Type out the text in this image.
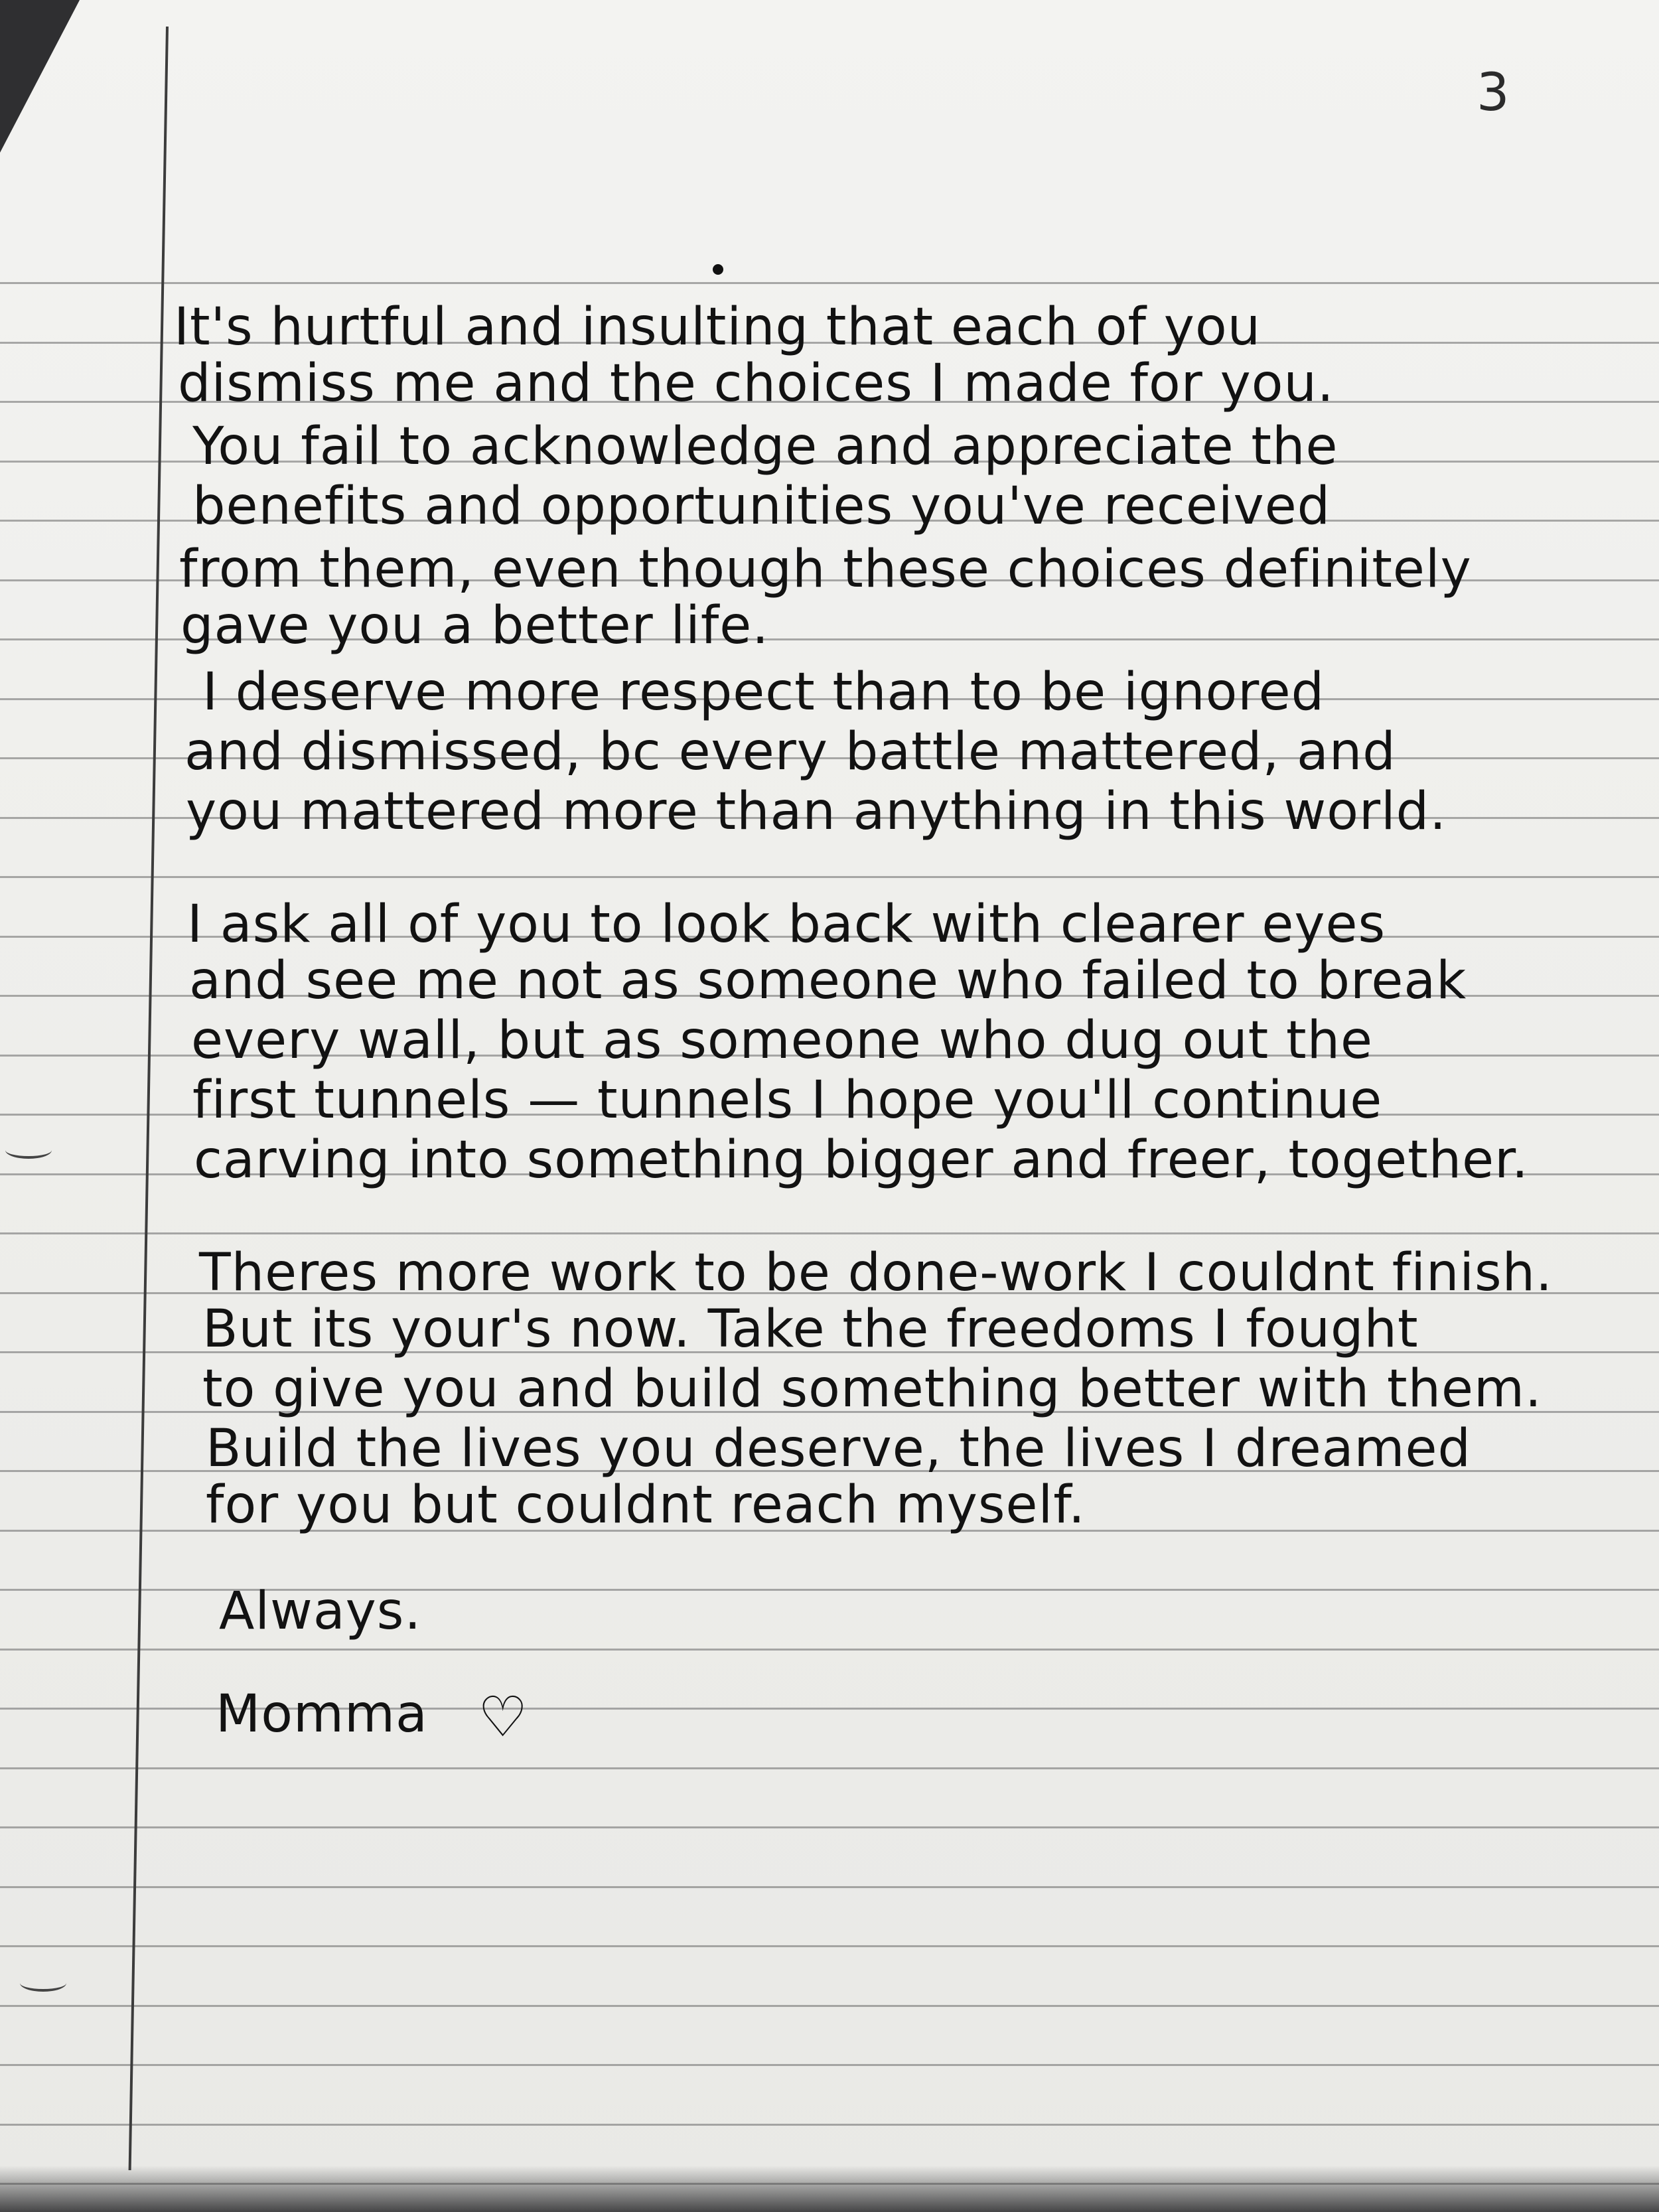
3
It's hurtful and insulting that each of you
dismiss me and the choices I made for you.
You fail to acknowledge and appreciate the
benefits and opportunities you've received
from them, even though these choices definitely
gave you a better life.
I deserve more respect than to be ignored
and dismissed, bc every battle mattered, and
you mattered more than anything in this world.
I ask all of you to look back with clearer eyes
and see me not as someone who failed to break
every wall, but as someone who dug out the
first tunnels — tunnels I hope you'll continue
carving into something bigger and freer, together.
Theres more work to be done-work I couldnt finish.
But its your's now. Take the freedoms I fought
to give you and build something better with them.
Build the lives you deserve, the lives I dreamed
for you but couldnt reach myself.
Always.
Momma ♡
